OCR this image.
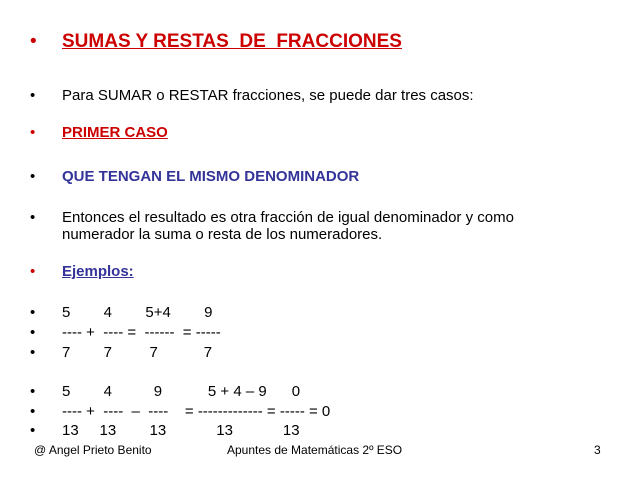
•

SUMAS Y RESTAS  DE  FRACCIONES

•

Para SUMAR o RESTAR fracciones, se puede dar tres casos:

•

PRIMER CASO

•

QUE TENGAN EL MISMO DENOMINADOR

•

Entonces el resultado es otra fracción de igual denominador y como

numerador la suma o resta de los numeradores.

•

Ejemplos:

•

5        4        5+4        9

•

---- +  ---- =  ------  = -----

•

7        7         7           7

•

5        4          9           5 + 4 – 9      0

•

---- +  ----  –  ----    = ------------- = ----- = 0

•

13     13        13            13            13

@ Angel Prieto Benito	Apuntes de Matemáticas 2º ESO	3
